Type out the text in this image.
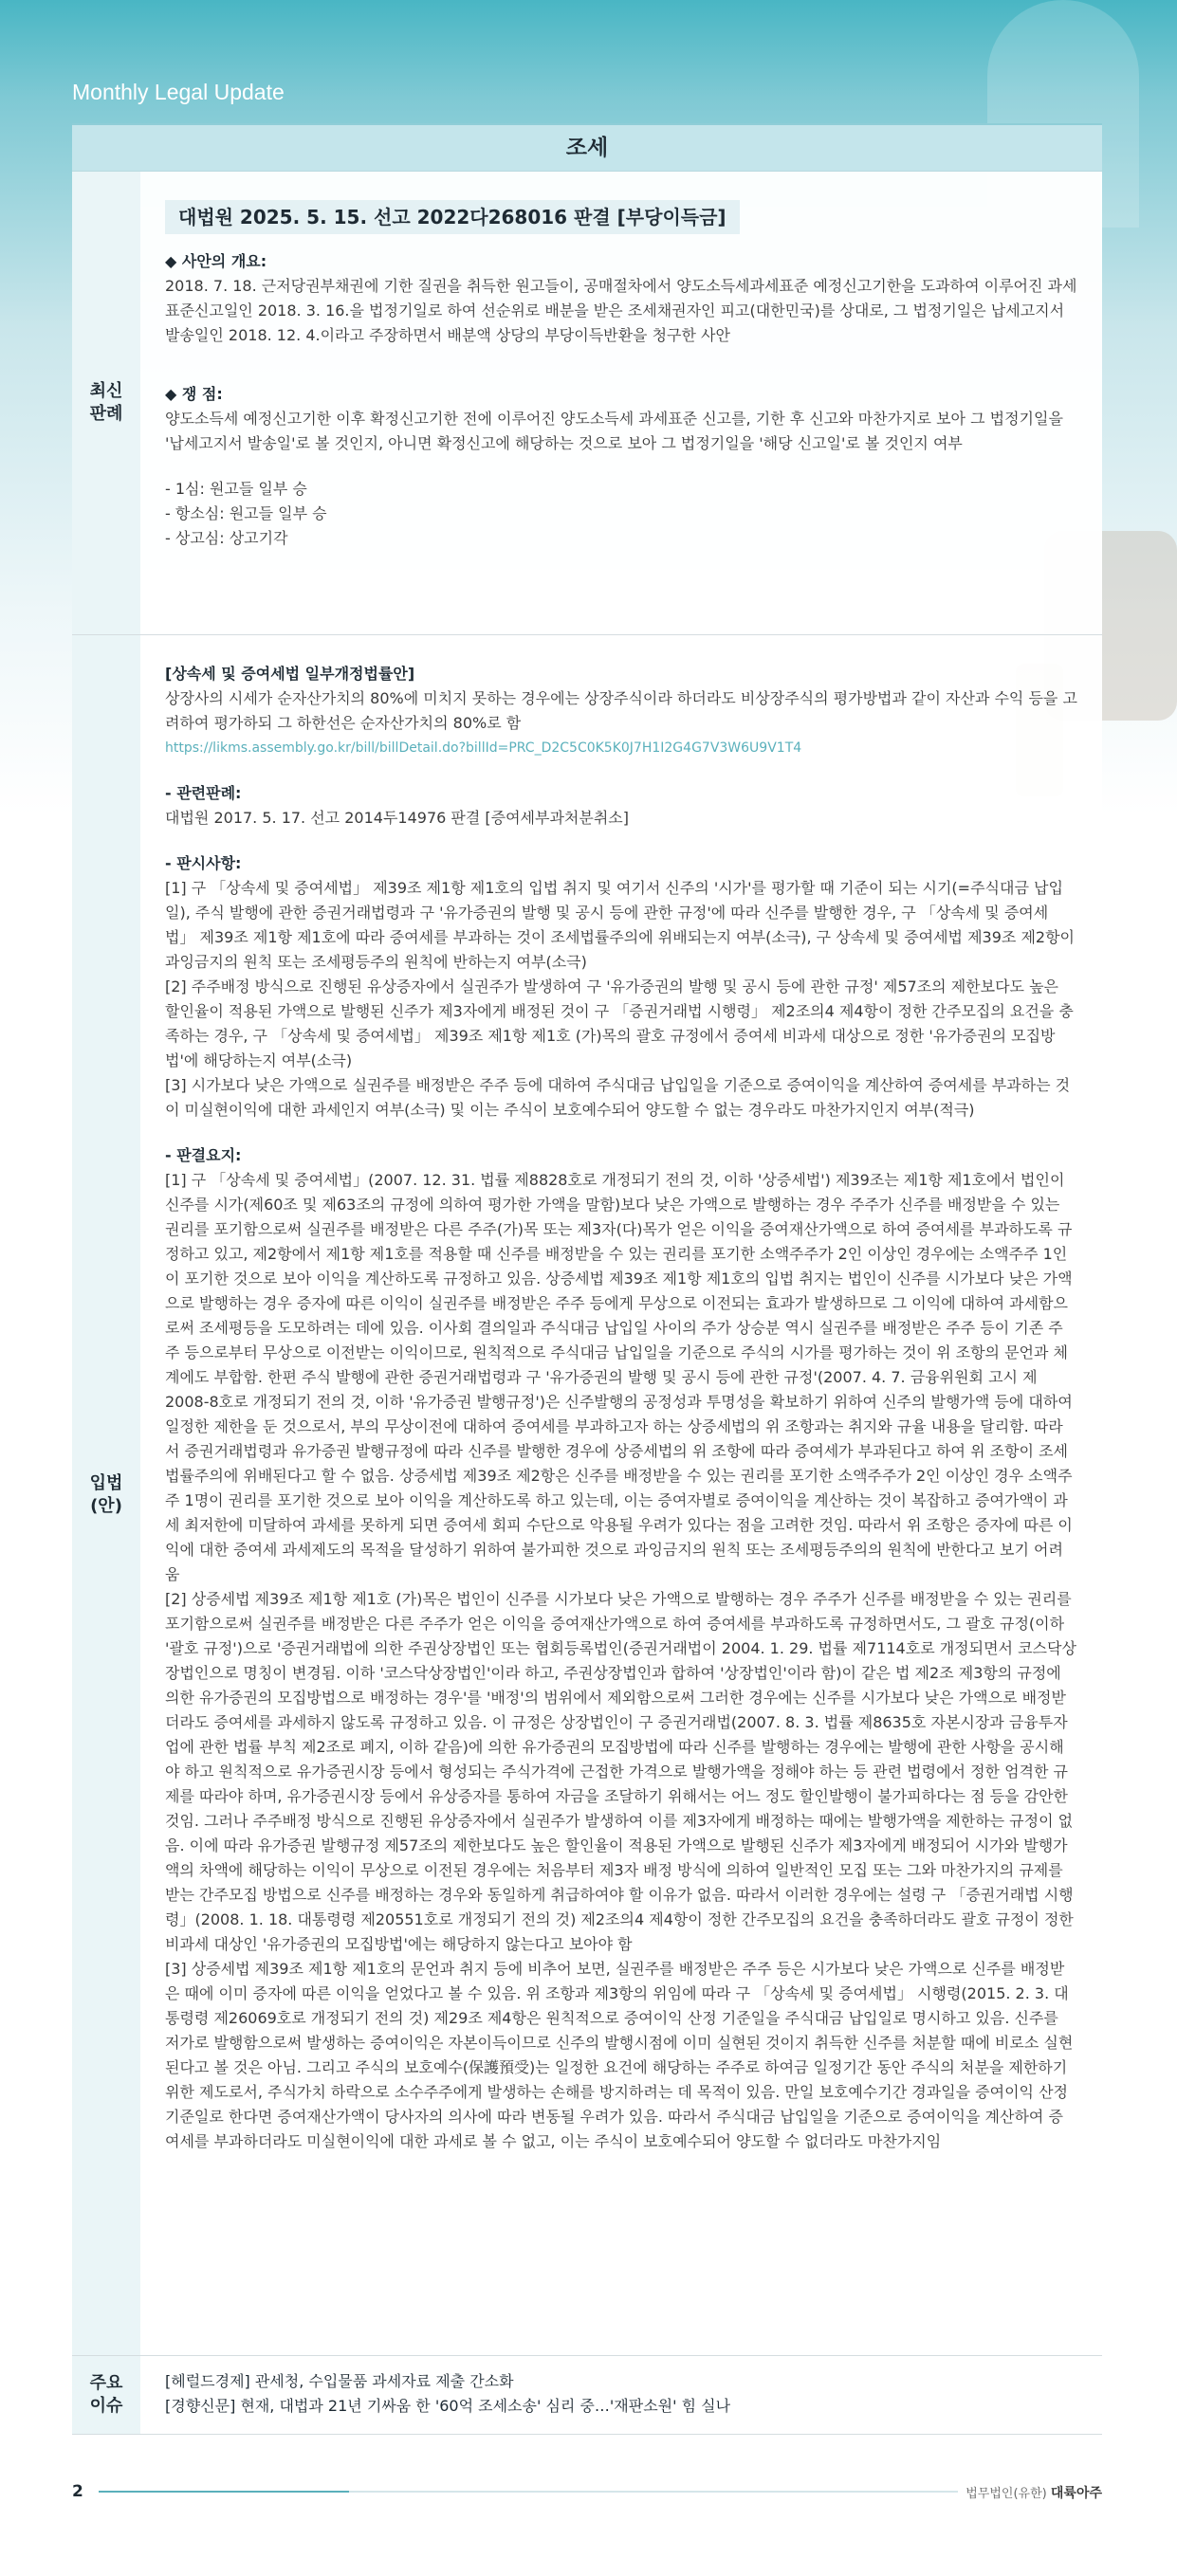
Monthly Legal Update
조세
최신
판례
대법원 2025. 5. 15. 선고 2022다268016 판결 [부당이득금]
◆ 사안의 개요:
2018. 7. 18. 근저당권부채권에 기한 질권을 취득한 원고들이, 공매절차에서 양도소득세과세표준 예정신고기한을 도과하여 이루어진 과세표준신고일인 2018. 3. 16.을 법정기일로 하여 선순위로 배분을 받은 조세채권자인 피고(대한민국)를 상대로, 그 법정기일은 납세고지서 발송일인 2018. 12. 4.이라고 주장하면서 배분액 상당의 부당이득반환을 청구한 사안
◆ 쟁 점:
양도소득세 예정신고기한 이후 확정신고기한 전에 이루어진 양도소득세 과세표준 신고를, 기한 후 신고와 마찬가지로 보아 그 법정기일을 '납세고지서 발송일'로 볼 것인지, 아니면 확정신고에 해당하는 것으로 보아 그 법정기일을 '해당 신고일'로 볼 것인지 여부
- 1심: 원고들 일부 승
- 항소심: 원고들 일부 승
- 상고심: 상고기각
입법
(안)
[상속세 및 증여세법 일부개정법률안]
상장사의 시세가 순자산가치의 80%에 미치지 못하는 경우에는 상장주식이라 하더라도 비상장주식의 평가방법과 같이 자산과 수익 등을 고려하여 평가하되 그 하한선은 순자산가치의 80%로 함
https://likms.assembly.go.kr/bill/billDetail.do?billId=PRC_D2C5C0K5K0J7H1I2G4G7V3W6U9V1T4
- 관련판례:
대법원 2017. 5. 17. 선고 2014두14976 판결 [증여세부과처분취소]
- 판시사항:
[1] 구 「상속세 및 증여세법」 제39조 제1항 제1호의 입법 취지 및 여기서 신주의 '시가'를 평가할 때 기준이 되는 시기(=주식대금 납입일), 주식 발행에 관한 증권거래법령과 구 '유가증권의 발행 및 공시 등에 관한 규정'에 따라 신주를 발행한 경우, 구 「상속세 및 증여세법」 제39조 제1항 제1호에 따라 증여세를 부과하는 것이 조세법률주의에 위배되는지 여부(소극), 구 상속세 및 증여세법 제39조 제2항이 과잉금지의 원칙 또는 조세평등주의 원칙에 반하는지 여부(소극)
[2] 주주배정 방식으로 진행된 유상증자에서 실권주가 발생하여 구 '유가증권의 발행 및 공시 등에 관한 규정' 제57조의 제한보다도 높은 할인율이 적용된 가액으로 발행된 신주가 제3자에게 배정된 것이 구 「증권거래법 시행령」 제2조의4 제4항이 정한 간주모집의 요건을 충족하는 경우, 구 「상속세 및 증여세법」 제39조 제1항 제1호 (가)목의 괄호 규정에서 증여세 비과세 대상으로 정한 '유가증권의 모집방법'에 해당하는지 여부(소극)
[3] 시가보다 낮은 가액으로 실권주를 배정받은 주주 등에 대하여 주식대금 납입일을 기준으로 증여이익을 계산하여 증여세를 부과하는 것이 미실현이익에 대한 과세인지 여부(소극) 및 이는 주식이 보호예수되어 양도할 수 없는 경우라도 마찬가지인지 여부(적극)
- 판결요지:
[1] 구 「상속세 및 증여세법」(2007. 12. 31. 법률 제8828호로 개정되기 전의 것, 이하 '상증세법') 제39조는 제1항 제1호에서 법인이 신주를 시가(제60조 및 제63조의 규정에 의하여 평가한 가액을 말함)보다 낮은 가액으로 발행하는 경우 주주가 신주를 배정받을 수 있는 권리를 포기함으로써 실권주를 배정받은 다른 주주(가)목 또는 제3자(다)목가 얻은 이익을 증여재산가액으로 하여 증여세를 부과하도록 규정하고 있고, 제2항에서 제1항 제1호를 적용할 때 신주를 배정받을 수 있는 권리를 포기한 소액주주가 2인 이상인 경우에는 소액주주 1인이 포기한 것으로 보아 이익을 계산하도록 규정하고 있음. 상증세법 제39조 제1항 제1호의 입법 취지는 법인이 신주를 시가보다 낮은 가액으로 발행하는 경우 증자에 따른 이익이 실권주를 배정받은 주주 등에게 무상으로 이전되는 효과가 발생하므로 그 이익에 대하여 과세함으로써 조세평등을 도모하려는 데에 있음. 이사회 결의일과 주식대금 납입일 사이의 주가 상승분 역시 실권주를 배정받은 주주 등이 기존 주주 등으로부터 무상으로 이전받는 이익이므로, 원칙적으로 주식대금 납입일을 기준으로 주식의 시가를 평가하는 것이 위 조항의 문언과 체계에도 부합함. 한편 주식 발행에 관한 증권거래법령과 구 '유가증권의 발행 및 공시 등에 관한 규정'(2007. 4. 7. 금융위원회 고시 제2008-8호로 개정되기 전의 것, 이하 '유가증권 발행규정')은 신주발행의 공정성과 투명성을 확보하기 위하여 신주의 발행가액 등에 대하여 일정한 제한을 둔 것으로서, 부의 무상이전에 대하여 증여세를 부과하고자 하는 상증세법의 위 조항과는 취지와 규율 내용을 달리함. 따라서 증권거래법령과 유가증권 발행규정에 따라 신주를 발행한 경우에 상증세법의 위 조항에 따라 증여세가 부과된다고 하여 위 조항이 조세법률주의에 위배된다고 할 수 없음. 상증세법 제39조 제2항은 신주를 배정받을 수 있는 권리를 포기한 소액주주가 2인 이상인 경우 소액주주 1명이 권리를 포기한 것으로 보아 이익을 계산하도록 하고 있는데, 이는 증여자별로 증여이익을 계산하는 것이 복잡하고 증여가액이 과세 최저한에 미달하여 과세를 못하게 되면 증여세 회피 수단으로 악용될 우려가 있다는 점을 고려한 것임. 따라서 위 조항은 증자에 따른 이익에 대한 증여세 과세제도의 목적을 달성하기 위하여 불가피한 것으로 과잉금지의 원칙 또는 조세평등주의의 원칙에 반한다고 보기 어려움
[2] 상증세법 제39조 제1항 제1호 (가)목은 법인이 신주를 시가보다 낮은 가액으로 발행하는 경우 주주가 신주를 배정받을 수 있는 권리를 포기함으로써 실권주를 배정받은 다른 주주가 얻은 이익을 증여재산가액으로 하여 증여세를 부과하도록 규정하면서도, 그 괄호 규정(이하 '괄호 규정')으로 '증권거래법에 의한 주권상장법인 또는 협회등록법인(증권거래법이 2004. 1. 29. 법률 제7114호로 개정되면서 코스닥상장법인으로 명칭이 변경됨. 이하 '코스닥상장법인'이라 하고, 주권상장법인과 합하여 '상장법인'이라 함)이 같은 법 제2조 제3항의 규정에 의한 유가증권의 모집방법으로 배정하는 경우'를 '배정'의 범위에서 제외함으로써 그러한 경우에는 신주를 시가보다 낮은 가액으로 배정받더라도 증여세를 과세하지 않도록 규정하고 있음. 이 규정은 상장법인이 구 증권거래법(2007. 8. 3. 법률 제8635호 자본시장과 금융투자업에 관한 법률 부칙 제2조로 폐지, 이하 같음)에 의한 유가증권의 모집방법에 따라 신주를 발행하는 경우에는 발행에 관한 사항을 공시해야 하고 원칙적으로 유가증권시장 등에서 형성되는 주식가격에 근접한 가격으로 발행가액을 정해야 하는 등 관련 법령에서 정한 엄격한 규제를 따라야 하며, 유가증권시장 등에서 유상증자를 통하여 자금을 조달하기 위해서는 어느 정도 할인발행이 불가피하다는 점 등을 감안한 것임. 그러나 주주배정 방식으로 진행된 유상증자에서 실권주가 발생하여 이를 제3자에게 배정하는 때에는 발행가액을 제한하는 규정이 없음. 이에 따라 유가증권 발행규정 제57조의 제한보다도 높은 할인율이 적용된 가액으로 발행된 신주가 제3자에게 배정되어 시가와 발행가액의 차액에 해당하는 이익이 무상으로 이전된 경우에는 처음부터 제3자 배정 방식에 의하여 일반적인 모집 또는 그와 마찬가지의 규제를 받는 간주모집 방법으로 신주를 배정하는 경우와 동일하게 취급하여야 할 이유가 없음. 따라서 이러한 경우에는 설령 구 「증권거래법 시행령」(2008. 1. 18. 대통령령 제20551호로 개정되기 전의 것) 제2조의4 제4항이 정한 간주모집의 요건을 충족하더라도 괄호 규정이 정한 비과세 대상인 '유가증권의 모집방법'에는 해당하지 않는다고 보아야 함
[3] 상증세법 제39조 제1항 제1호의 문언과 취지 등에 비추어 보면, 실권주를 배정받은 주주 등은 시가보다 낮은 가액으로 신주를 배정받은 때에 이미 증자에 따른 이익을 얻었다고 볼 수 있음. 위 조항과 제3항의 위임에 따라 구 「상속세 및 증여세법」 시행령(2015. 2. 3. 대통령령 제26069호로 개정되기 전의 것) 제29조 제4항은 원칙적으로 증여이익 산정 기준일을 주식대금 납입일로 명시하고 있음. 신주를 저가로 발행함으로써 발생하는 증여이익은 자본이득이므로 신주의 발행시점에 이미 실현된 것이지 취득한 신주를 처분할 때에 비로소 실현된다고 볼 것은 아님. 그리고 주식의 보호예수(保護預受)는 일정한 요건에 해당하는 주주로 하여금 일정기간 동안 주식의 처분을 제한하기 위한 제도로서, 주식가치 하락으로 소수주주에게 발생하는 손해를 방지하려는 데 목적이 있음. 만일 보호예수기간 경과일을 증여이익 산정 기준일로 한다면 증여재산가액이 당사자의 의사에 따라 변동될 우려가 있음. 따라서 주식대금 납입일을 기준으로 증여이익을 계산하여 증여세를 부과하더라도 미실현이익에 대한 과세로 볼 수 없고, 이는 주식이 보호예수되어 양도할 수 없더라도 마찬가지임
주요
이슈
[헤럴드경제] 관세청, 수입물품 과세자료 제출 간소화
[경향신문] 현재, 대법과 21년 기싸움 한 '60억 조세소송' 심리 중…'재판소원' 힘 실나
2	법무법인(유한) 대륙아주
